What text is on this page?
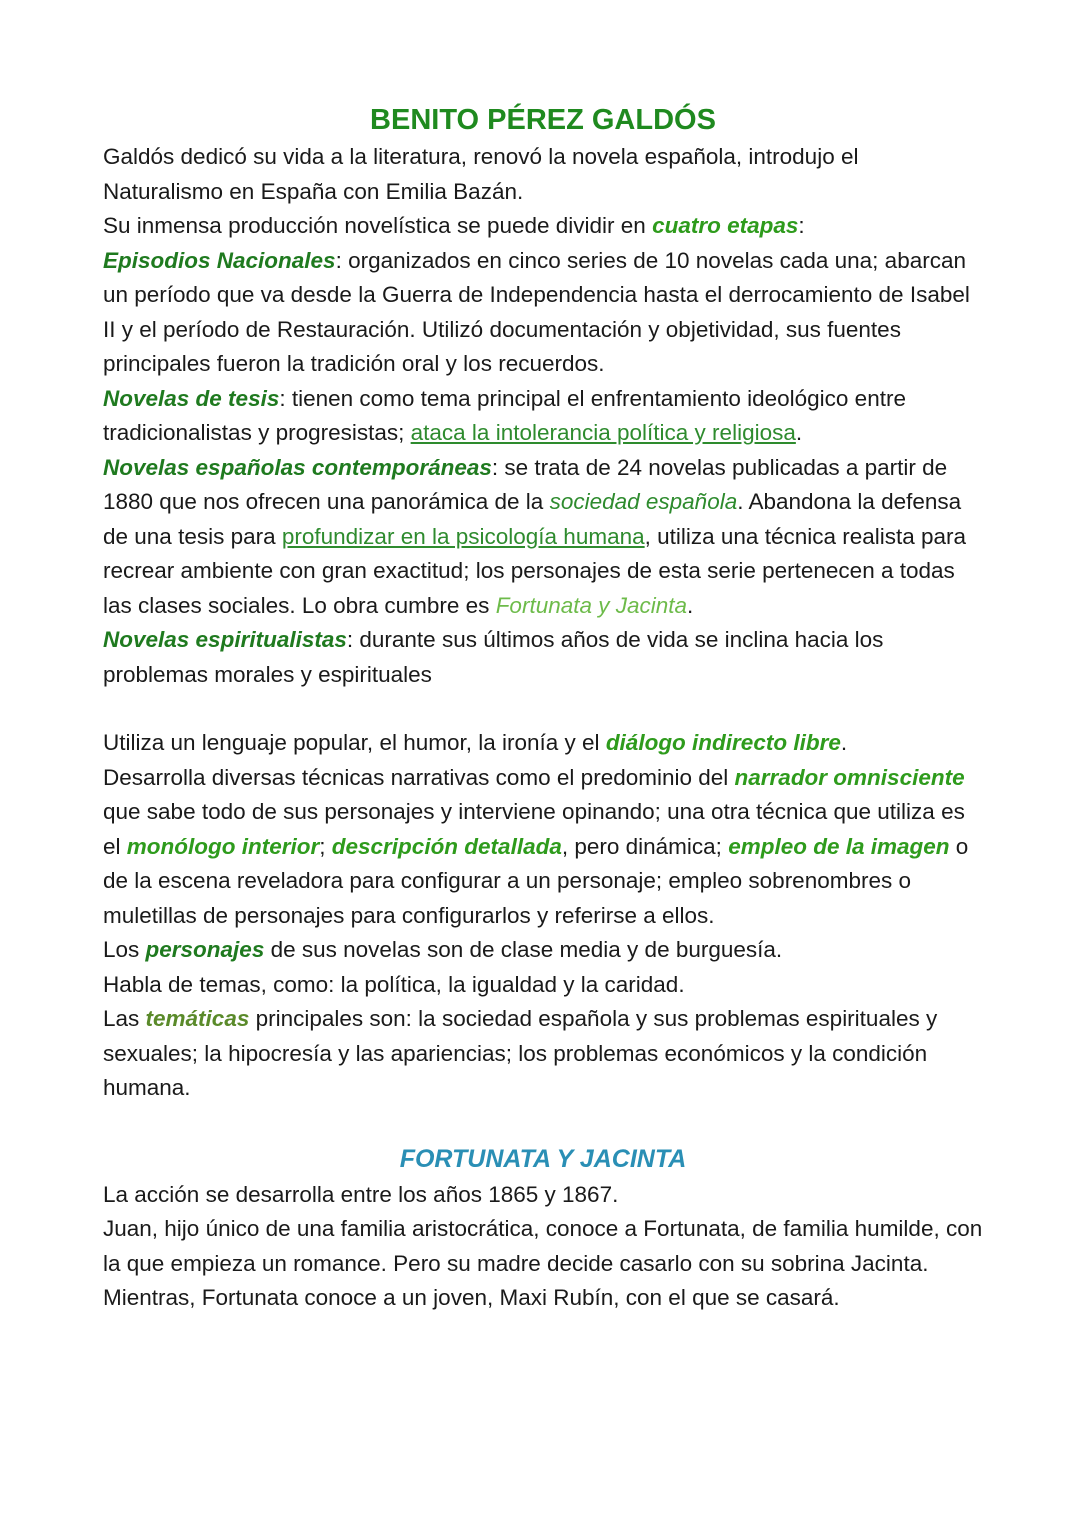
BENITO PÉREZ GALDÓS

Galdós dedicó su vida a la literatura, renovó la novela española, introdujo el Naturalismo en España con Emilia Bazán.

Su inmensa producción novelística se puede dividir en cuatro etapas:

Episodios Nacionales: organizados en cinco series de 10 novelas cada una; abarcan un período que va desde la Guerra de Independencia hasta el derrocamiento de Isabel II y el período de Restauración. Utilizó documentación y objetividad, sus fuentes principales fueron la tradición oral y los recuerdos.

Novelas de tesis: tienen como tema principal el enfrentamiento ideológico entre tradicionalistas y progresistas; ataca la intolerancia política y religiosa.

Novelas españolas contemporáneas: se trata de 24 novelas publicadas a partir de 1880 que nos ofrecen una panorámica de la sociedad española. Abandona la defensa de una tesis para profundizar en la psicología humana, utiliza una técnica realista para recrear ambiente con gran exactitud; los personajes de esta serie pertenecen a todas las clases sociales. Lo obra cumbre es Fortunata y Jacinta.

Novelas espiritualistas: durante sus últimos años de vida se inclina hacia los problemas morales y espirituales

Utiliza un lenguaje popular, el humor, la ironía y el diálogo indirecto libre.

Desarrolla diversas técnicas narrativas como el predominio del narrador omnisciente que sabe todo de sus personajes y interviene opinando; una otra técnica que utiliza es el monólogo interior; descripción detallada, pero dinámica; empleo de la imagen o de la escena reveladora para configurar a un personaje; empleo sobrenombres o muletillas de personajes para configurarlos y referirse a ellos.

Los personajes de sus novelas son de clase media y de burguesía.

Habla de temas, como: la política, la igualdad y la caridad.

Las temáticas principales son: la sociedad española y sus problemas espirituales y sexuales; la hipocresía y las apariencias; los problemas económicos y la condición humana.

FORTUNATA Y JACINTA

La acción se desarrolla entre los años 1865 y 1867.

Juan, hijo único de una familia aristocrática, conoce a Fortunata, de familia humilde, con la que empieza un romance. Pero su madre decide casarlo con su sobrina Jacinta.

Mientras, Fortunata conoce a un joven, Maxi Rubín, con el que se casará.
